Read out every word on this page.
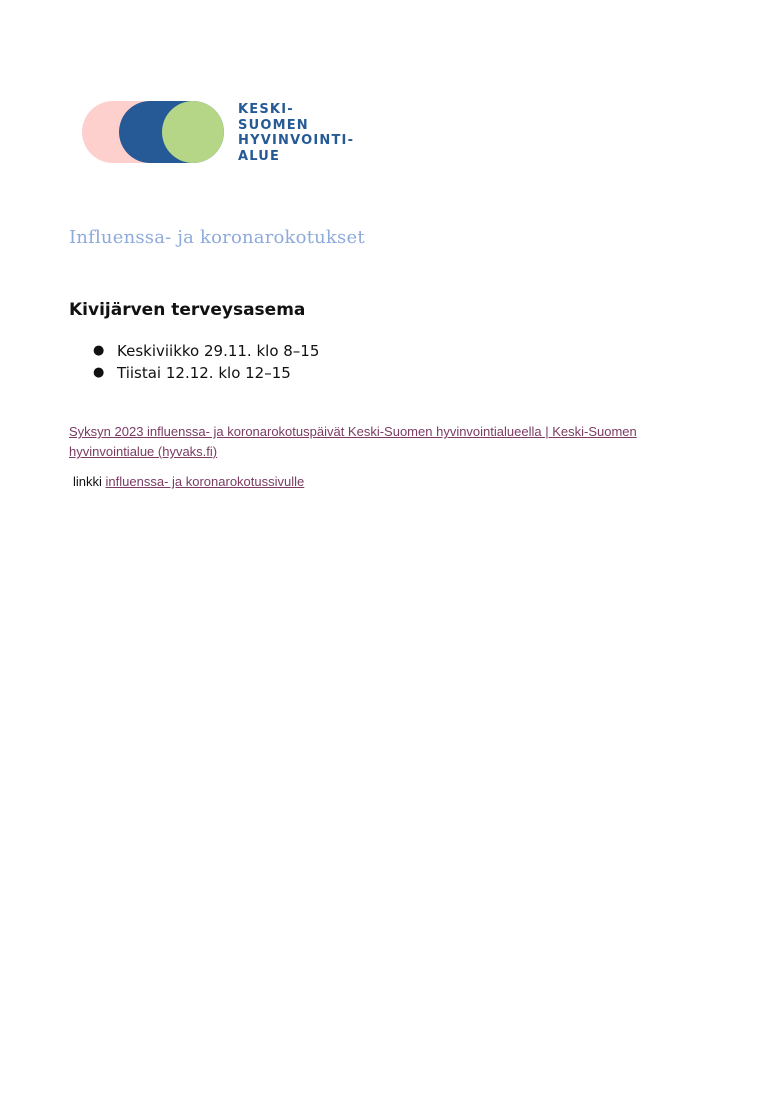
KESKI-
SUOMEN
HYVINVOINTI-
ALUE
Influenssa- ja koronarokotukset
Kivijärven terveysasema
● Keskiviikko 29.11. klo 8–15
● Tiistai 12.12. klo 12–15
Syksyn 2023 influenssa- ja koronarokotuspäivät Keski-Suomen hyvinvointialueella | Keski-Suomen hyvinvointialue (hyvaks.fi)
linkki influenssa- ja koronarokotussivulle
